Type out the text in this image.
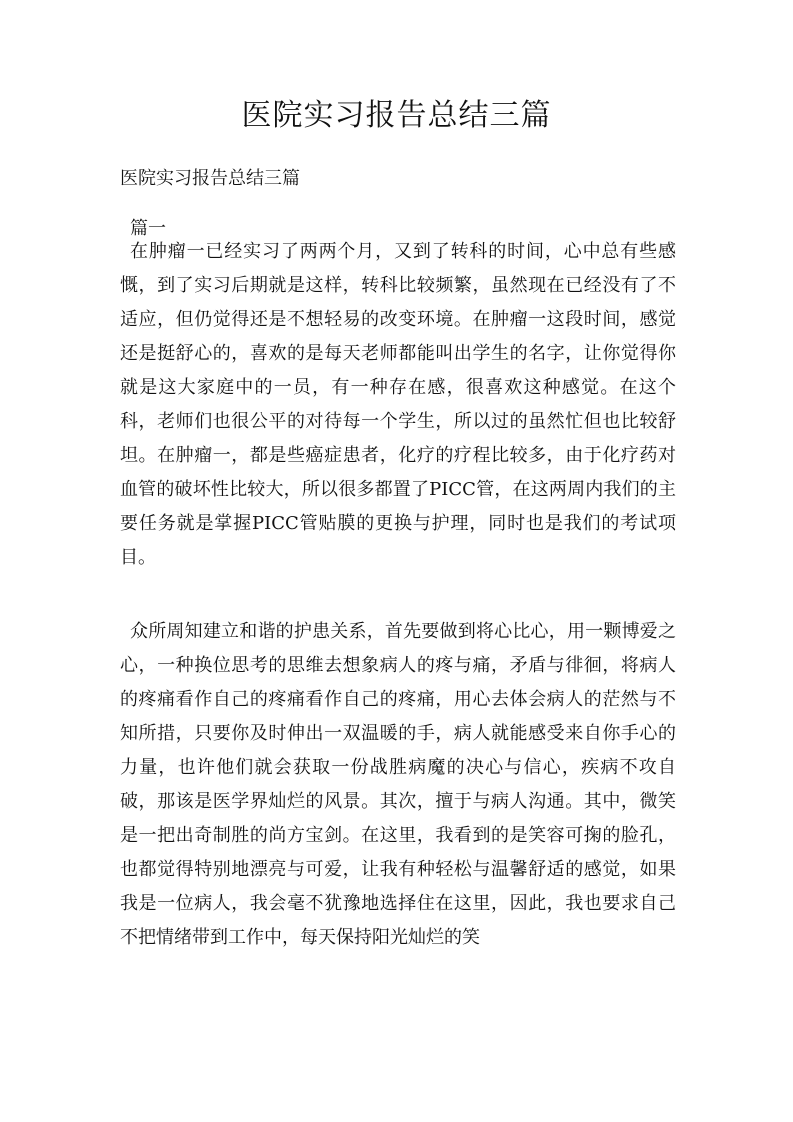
医院实习报告总结三篇

医院实习报告总结三篇

篇一

在肿瘤一已经实习了两两个月，又到了转科的时间，心中总有些感慨，到了实习后期就是这样，转科比较频繁，虽然现在已经没有了不适应，但仍觉得还是不想轻易的改变环境。在肿瘤一这段时间，感觉还是挺舒心的，喜欢的是每天老师都能叫出学生的名字，让你觉得你就是这大家庭中的一员，有一种存在感，很喜欢这种感觉。在这个科，老师们也很公平的对待每一个学生，所以过的虽然忙但也比较舒坦。在肿瘤一，都是些癌症患者，化疗的疗程比较多，由于化疗药对血管的破坏性比较大，所以很多都置了PICC管，在这两周内我们的主要任务就是掌握PICC管贴膜的更换与护理，同时也是我们的考试项目。

众所周知建立和谐的护患关系，首先要做到将心比心，用一颗博爱之心，一种换位思考的思维去想象病人的疼与痛，矛盾与徘徊，将病人的疼痛看作自己的疼痛看作自己的疼痛，用心去体会病人的茫然与不知所措，只要你及时伸出一双温暖的手，病人就能感受来自你手心的力量，也许他们就会获取一份战胜病魔的决心与信心，疾病不攻自破，那该是医学界灿烂的风景。其次，擅于与病人沟通。其中，微笑是一把出奇制胜的尚方宝剑。在这里，我看到的是笑容可掬的脸孔，也都觉得特别地漂亮与可爱，让我有种轻松与温馨舒适的感觉，如果我是一位病人，我会毫不犹豫地选择住在这里，因此，我也要求自己不把情绪带到工作中，每天保持阳光灿烂的笑
